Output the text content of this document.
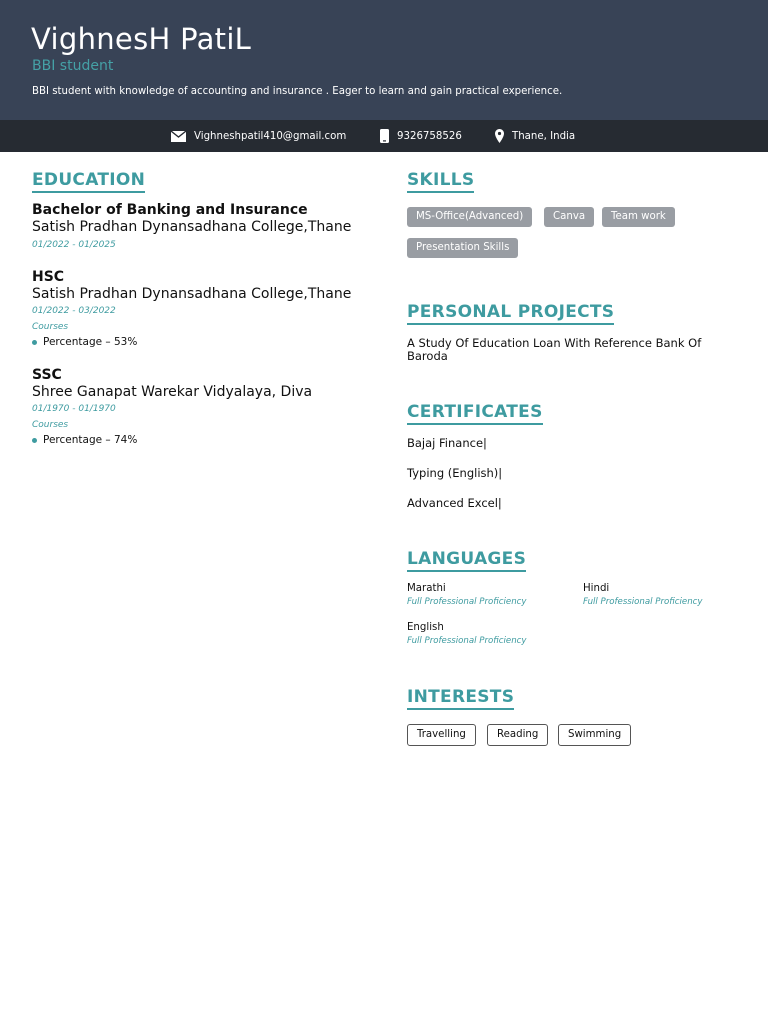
VighnesH PatiL
BBI student
BBI student with knowledge of accounting and insurance . Eager to learn and gain practical experience.
Vighneshpatil410@gmail.com	9326758526	Thane, India
EDUCATION
Bachelor of Banking and Insurance
Satish Pradhan Dynansadhana College,Thane
01/2022 - 01/2025
HSC
Satish Pradhan Dynansadhana College,Thane
01/2022 - 03/2022
Courses
Percentage – 53%
SSC
Shree Ganapat Warekar Vidyalaya, Diva
01/1970 - 01/1970
Courses
Percentage – 74%
SKILLS
MS-Office(Advanced)	Canva	Team work
Presentation Skills
PERSONAL PROJECTS
A Study Of Education Loan With Reference Bank Of Baroda
CERTIFICATES
Bajaj Finance|
Typing (English)|
Advanced Excel|
LANGUAGES
Marathi
Full Professional Proficiency
Hindi
Full Professional Proficiency
English
Full Professional Proficiency
INTERESTS
Travelling	Reading	Swimming
